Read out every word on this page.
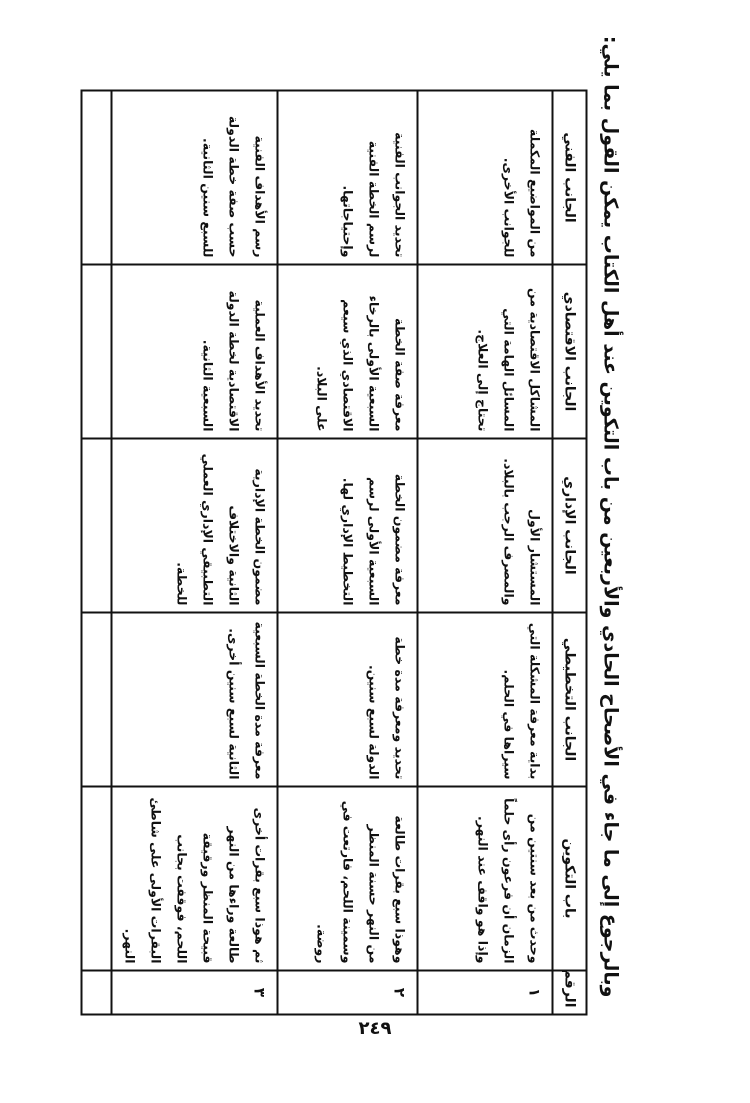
وبالرجوع إلى ما جاء في الأصحاح الحادي والأربعين من باب التكوين عند أهل الكتاب يمكن القول بما يلي:
الرقم	باب التكوين	الجانب التخطيطي	الجانب الإداري	الجانب الاقتصادي	الجانب الفني
١	وحدث من بعد سنتين من الزمان أن فرعون رأى حلماً وإذا هو واقف عند النهر.	بداية معرفة المشكلة التي سيراها في الحلم.	المستشار الأول والمصرف الرجب بالبلاد.	المشاكل الاقتصادية من المسائل الهامة التي تحتاج إلى العلاج.	من المواضيع المكملة للجوانب الأخرى.
٢	وهوذا سبع بقرات طالعة من النهر حسنة المنظر وسمينة اللحم، فارتعت في روضة.	تحديد ومعرفة مدة خطة الدولة لسبع سنين.	معرفة مضمون الخطة السبعية الأولى لرسم التخطيط الإداري لها.	معرفة صفة الخطة السبعية الأولى بالرخاء الاقتصادي الذي سيعم على البلاد.	تحديد الجوانب الفنية لرسم الخطة الفنية وإحتياجاتها.
٣	ثم هوذا سبع بقرات أخرى طالعة وراءها من النهر قبيحة المنظر ورقيقة اللحم، فوقفت بجانب البقرات الأولى على شاطئ النهر.	معرفة مدة الخطة السبعية الثانية لسبع سنين أخرى.	مضمون الخطة الإدارية الثانية والاختلاف التطبيقي الإداري العملي للخطة.	تحديد الأهداف العملية الاقتصادية لخطة الدولة السبعية الثانية.	رسم الأهداف الفنية حسب صفة خطة الدولة للسبع سنين الثانية.

٢٤٩
